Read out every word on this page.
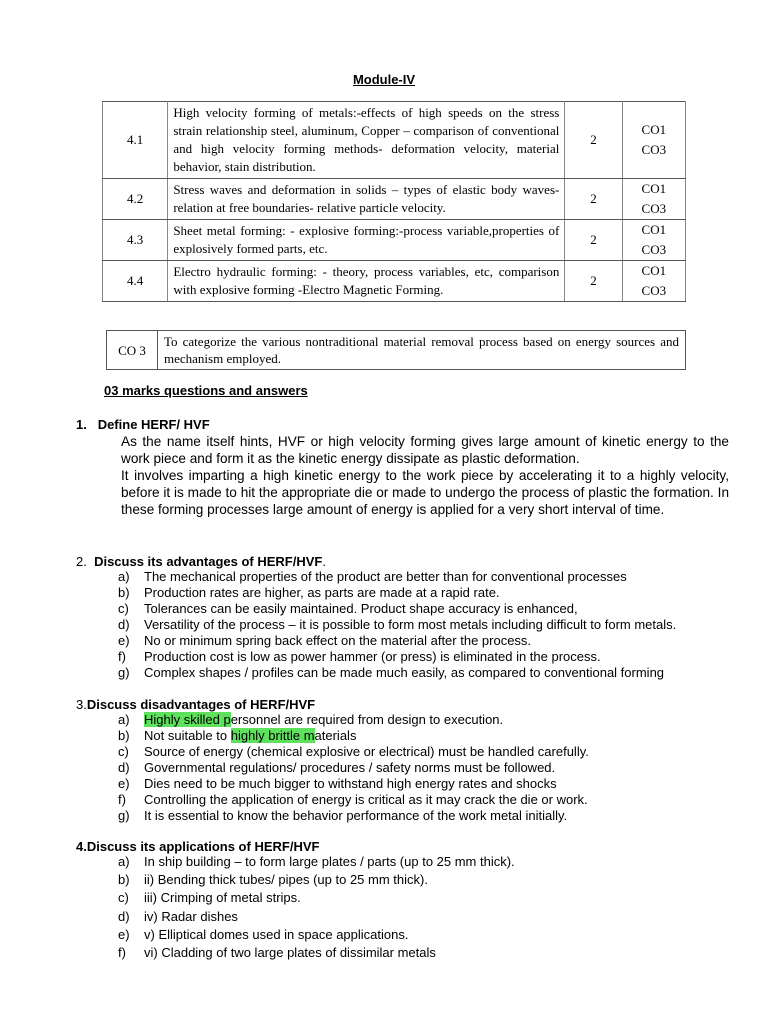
Module-IV
4.1	High velocity forming of metals:-effects of high speeds on the stress strain relationship steel, aluminum, Copper – comparison of conventional and high velocity forming methods- deformation velocity, material behavior, stain distribution.	2	CO1
CO3

4.2	Stress waves and deformation in solids – types of elastic body waves- relation at free boundaries- relative particle velocity.	2	CO1
CO3

4.3	Sheet metal forming: - explosive forming:-process variable,properties of explosively formed parts, etc.	2	CO1
CO3

4.4	Electro hydraulic forming: - theory, process variables, etc, comparison with explosive forming -Electro Magnetic Forming.	2	CO1
CO3
CO 3	To categorize the various nontraditional material removal process based on energy sources and mechanism employed.
03 marks questions and answers
1. Define HERF/ HVF
As the name itself hints, HVF or high velocity forming gives large amount of kinetic energy to the work piece and form it as the kinetic energy dissipate as plastic deformation.
It involves imparting a high kinetic energy to the work piece by accelerating it to a highly velocity, before it is made to hit the appropriate die or made to undergo the process of plastic the formation. In these forming processes large amount of energy is applied for a very short interval of time.
2. Discuss its advantages of HERF/HVF.
a) The mechanical properties of the product are better than for conventional processes
b) Production rates are higher, as parts are made at a rapid rate.
c) Tolerances can be easily maintained. Product shape accuracy is enhanced,
d) Versatility of the process – it is possible to form most metals including difficult to form metals.
e) No or minimum spring back effect on the material after the process.
f) Production cost is low as power hammer (or press) is eliminated in the process.
g) Complex shapes / profiles can be made much easily, as compared to conventional forming
3.Discuss disadvantages of HERF/HVF
a) Highly skilled personnel are required from design to execution.
b) Not suitable to highly brittle materials
c) Source of energy (chemical explosive or electrical) must be handled carefully.
d) Governmental regulations/ procedures / safety norms must be followed.
e) Dies need to be much bigger to withstand high energy rates and shocks
f) Controlling the application of energy is critical as it may crack the die or work.
g) It is essential to know the behavior performance of the work metal initially.
4.Discuss its applications of HERF/HVF
a) In ship building – to form large plates / parts (up to 25 mm thick).
b) ii) Bending thick tubes/ pipes (up to 25 mm thick).
c) iii) Crimping of metal strips.
d) iv) Radar dishes
e) v) Elliptical domes used in space applications.
f) vi) Cladding of two large plates of dissimilar metals
